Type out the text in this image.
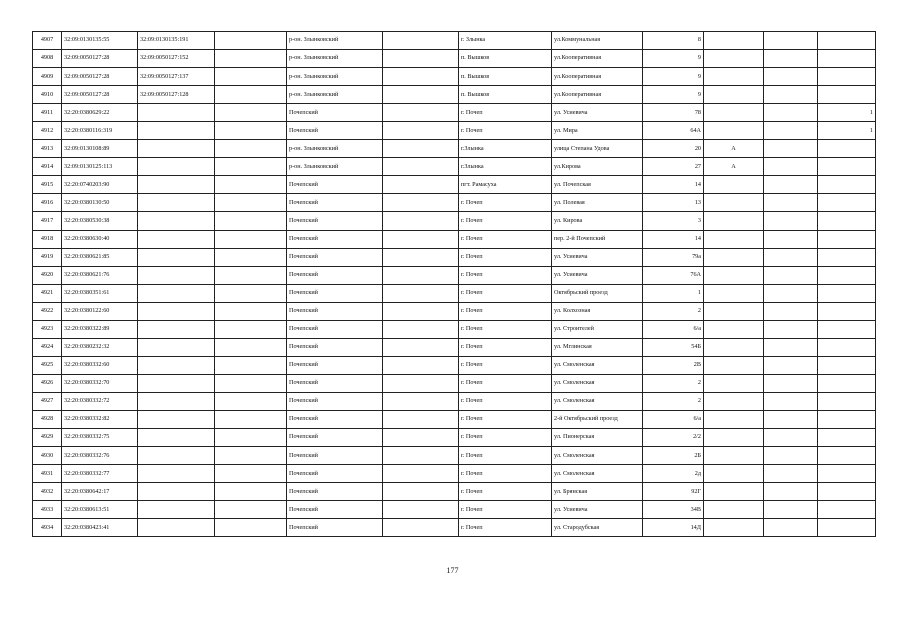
4907	32:09:0130135:55	32:09:0130135:191		р-он. Злынковский		г. Злынка	ул.Коммунальная	8			
4908	32:09:0050127:28	32:09:0050127:152		р-он. Злынковский		п. Вышков	ул.Кооперативная	9			
4909	32:09:0050127:28	32:09:0050127:137		р-он. Злынковский		п. Вышков	ул.Кооперативная	9			
4910	32:09:0050127:28	32:09:0050127:128		р-он. Злынковский		п. Вышков	ул.Кооперативная	9			
4911	32:20:0380629:22			Почепский		г. Почеп	ул. Усиевича	78			1
4912	32:20:0380116:319			Почепский		г. Почеп	ул. Мира	64А			1
4913	32:09:0130108:89			р-он. Злынковский		г.Злынка	улица Степана Удова	20	А		
4914	32:09:0130125:113			р-он. Злынковский		г.Злынка	ул.Кирова	27	А		
4915	32:20:0740203:90			Почепский		пгт. Рамасуха	ул. Почепская	14			
4916	32:20:0380130:50			Почепский		г. Почеп	ул. Полевая	13			
4917	32:20:0380530:38			Почепский		г. Почеп	ул. Кирова	3			
4918	32:20:0380630:40			Почепский		г. Почеп	пер. 2-й Почепский	14			
4919	32:20:0380621:85			Почепский		г. Почеп	ул. Усиевича	79а			
4920	32:20:0380621:76			Почепский		г. Почеп	ул. Усиевича	76А			
4921	32:20:0380351:61			Почепский		г. Почеп	Октябрьский проезд	1			
4922	32:20:0380122:60			Почепский		г. Почеп	ул. Колхозная	2			
4923	32:20:0380322:89			Почепский		г. Почеп	ул. Строителей	6/а			
4924	32:20:0380232:32			Почепский		г. Почеп	ул. Мглинская	54Б			
4925	32:20:0380332:60			Почепский		г. Почеп	ул. Смоленская	2В			
4926	32:20:0380332:70			Почепский		г. Почеп	ул. Смоленская	2			
4927	32:20:0380332:72			Почепский		г. Почеп	ул. Смоленская	2			
4928	32:20:0380332:82			Почепский		г. Почеп	2-й Октябрьский проезд	6/а			
4929	32:20:0380332:75			Почепский		г. Почеп	ул. Пионерская	2/2			
4930	32:20:0380332:76			Почепский		г. Почеп	ул. Смоленская	2Б			
4931	32:20:0380332:77			Почепский		г. Почеп	ул. Смоленская	2д			
4932	32:20:0380642:17			Почепский		г. Почеп	ул. Брянская	92Г			
4933	32:20:0380613:51			Почепский		г. Почеп	ул. Усиевича	34В			
4934	32:20:0380423:41			Почепский		г. Почеп	ул. Стародубская	14Д			
177
